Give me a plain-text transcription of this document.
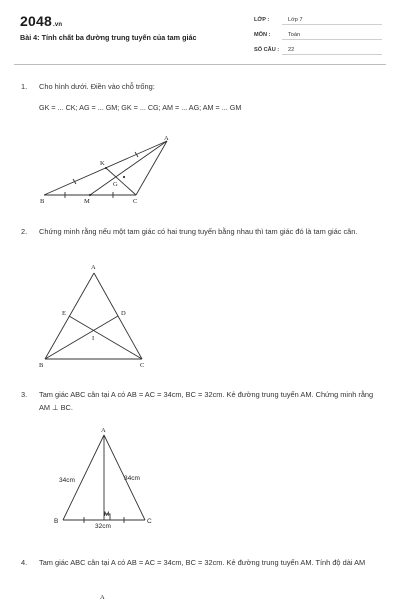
2048.vn
Bài 4: Tính chất ba đường trung tuyến của tam giác
LỚP :	Lớp 7
MÔN :	Toán
SỐ CÂU : 22
1. Cho hình dưới. Điền vào chỗ trống:
GK = ... CK; AG = ... GM; GK = ... CG; AM = ... AG; AM = ... GM
A
K
G
B	M	C
2. Chứng minh rằng nếu một tam giác có hai trung tuyến bằng nhau thì tam giác đó là tam giác cân.
A
E	D
I
B	C
3. Tam giác ABC cân tại A có AB = AC = 34cm, BC = 32cm. Kẻ đường trung tuyến AM. Chứng minh rằng AM ⊥ BC.
A
B	C
M
34cm	34cm
32cm
4. Tam giác ABC cân tại A có AB = AC = 34cm, BC = 32cm. Kẻ đường trung tuyến AM. Tính độ dài AM
A
